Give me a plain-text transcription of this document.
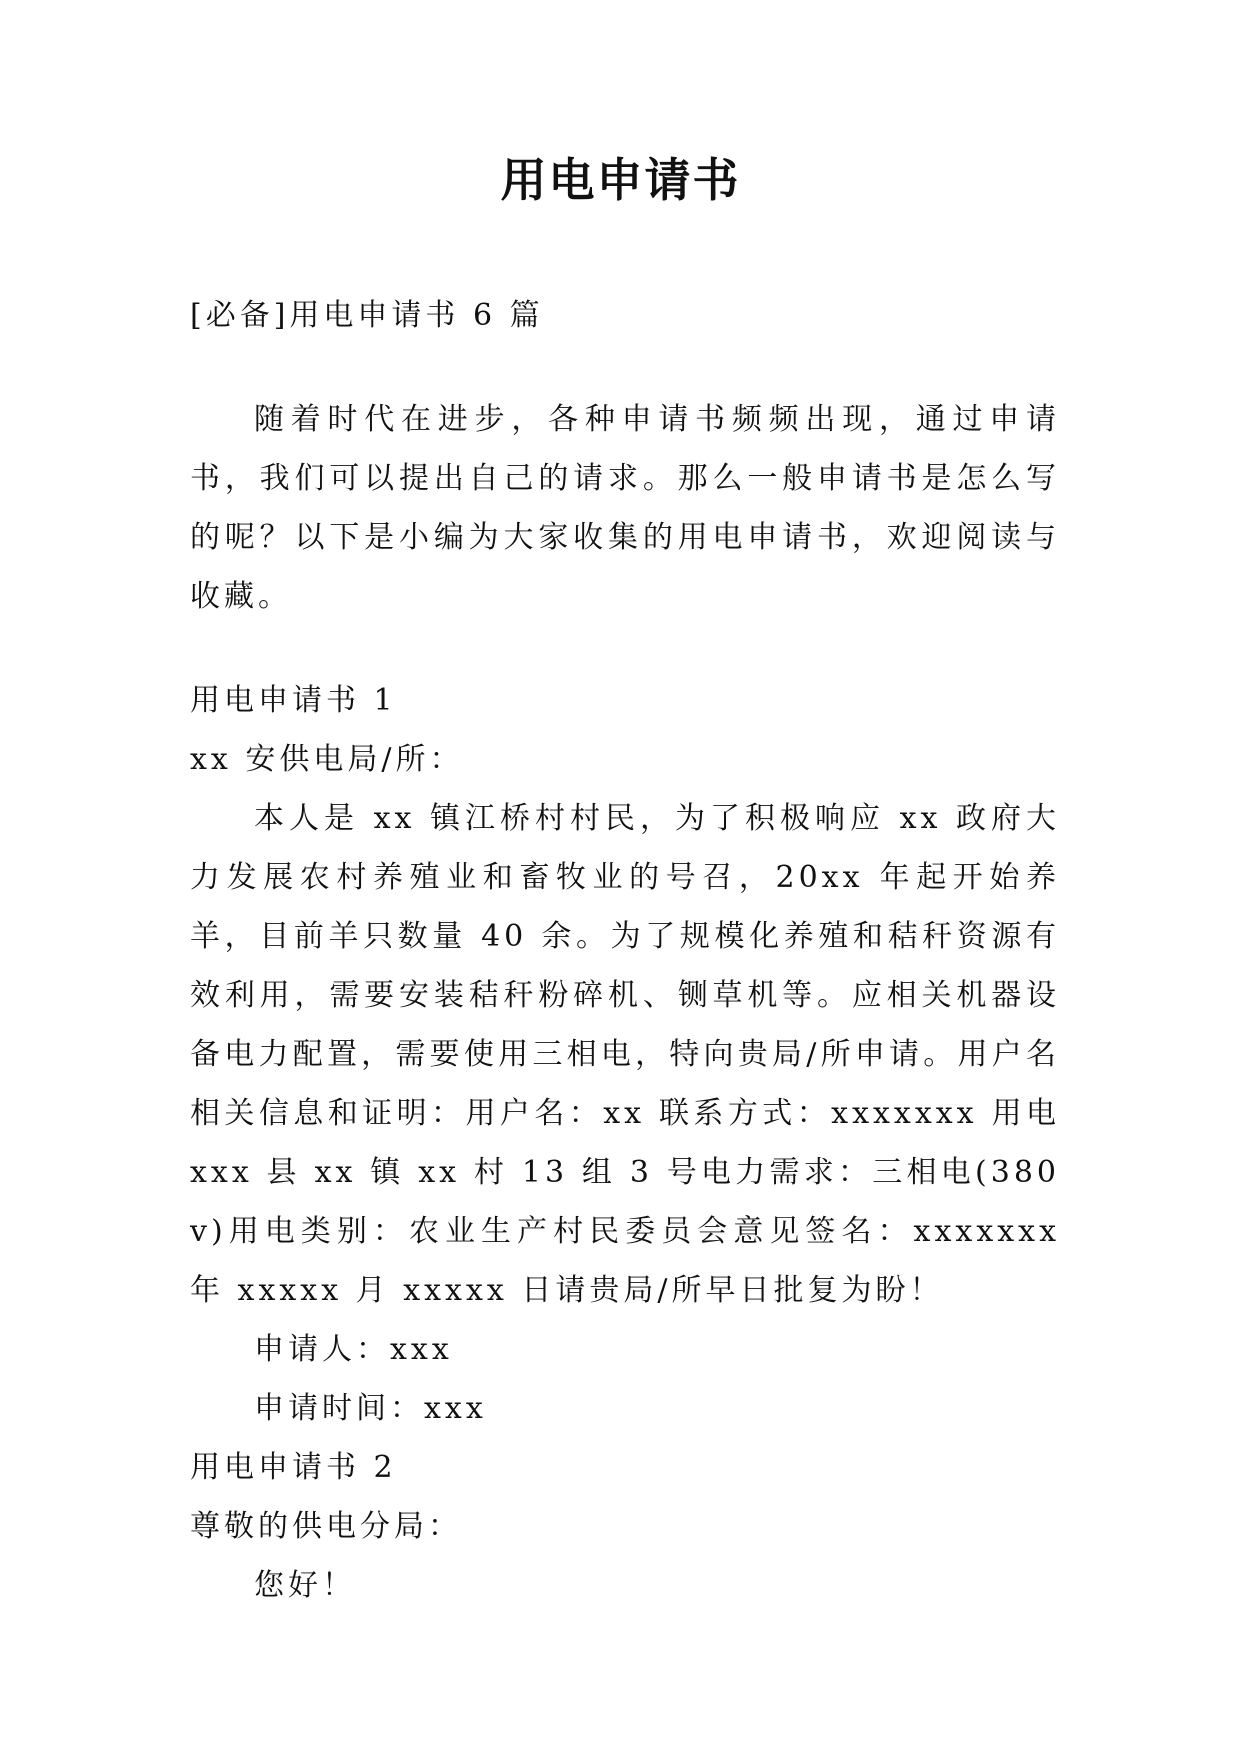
用电申请书

[必备]用电申请书 6 篇

随着时代在进步，各种申请书频频出现，通过申请书，我们可以提出自己的请求。那么一般申请书是怎么写的呢？以下是小编为大家收集的用电申请书，欢迎阅读与收藏。

用电申请书 1

xx 安供电局/所：

本人是 xx 镇江桥村村民，为了积极响应 xx 政府大力发展农村养殖业和畜牧业的号召，20xx 年起开始养羊，目前羊只数量 40 余。为了规模化养殖和秸秆资源有效利用，需要安装秸秆粉碎机、铡草机等。应相关机器设备电力配置，需要使用三相电，特向贵局/所申请。用户名相关信息和证明：用户名：xx 联系方式：xxxxxxx 用电 xxx 县 xx 镇 xx 村 13 组 3 号电力需求：三相电(380v)用电类别：农业生产村民委员会意见签名：xxxxxxx 年 xxxxx 月 xxxxx 日请贵局/所早日批复为盼！

申请人：xxx

申请时间：xxx

用电申请书 2

尊敬的供电分局：

您好！
